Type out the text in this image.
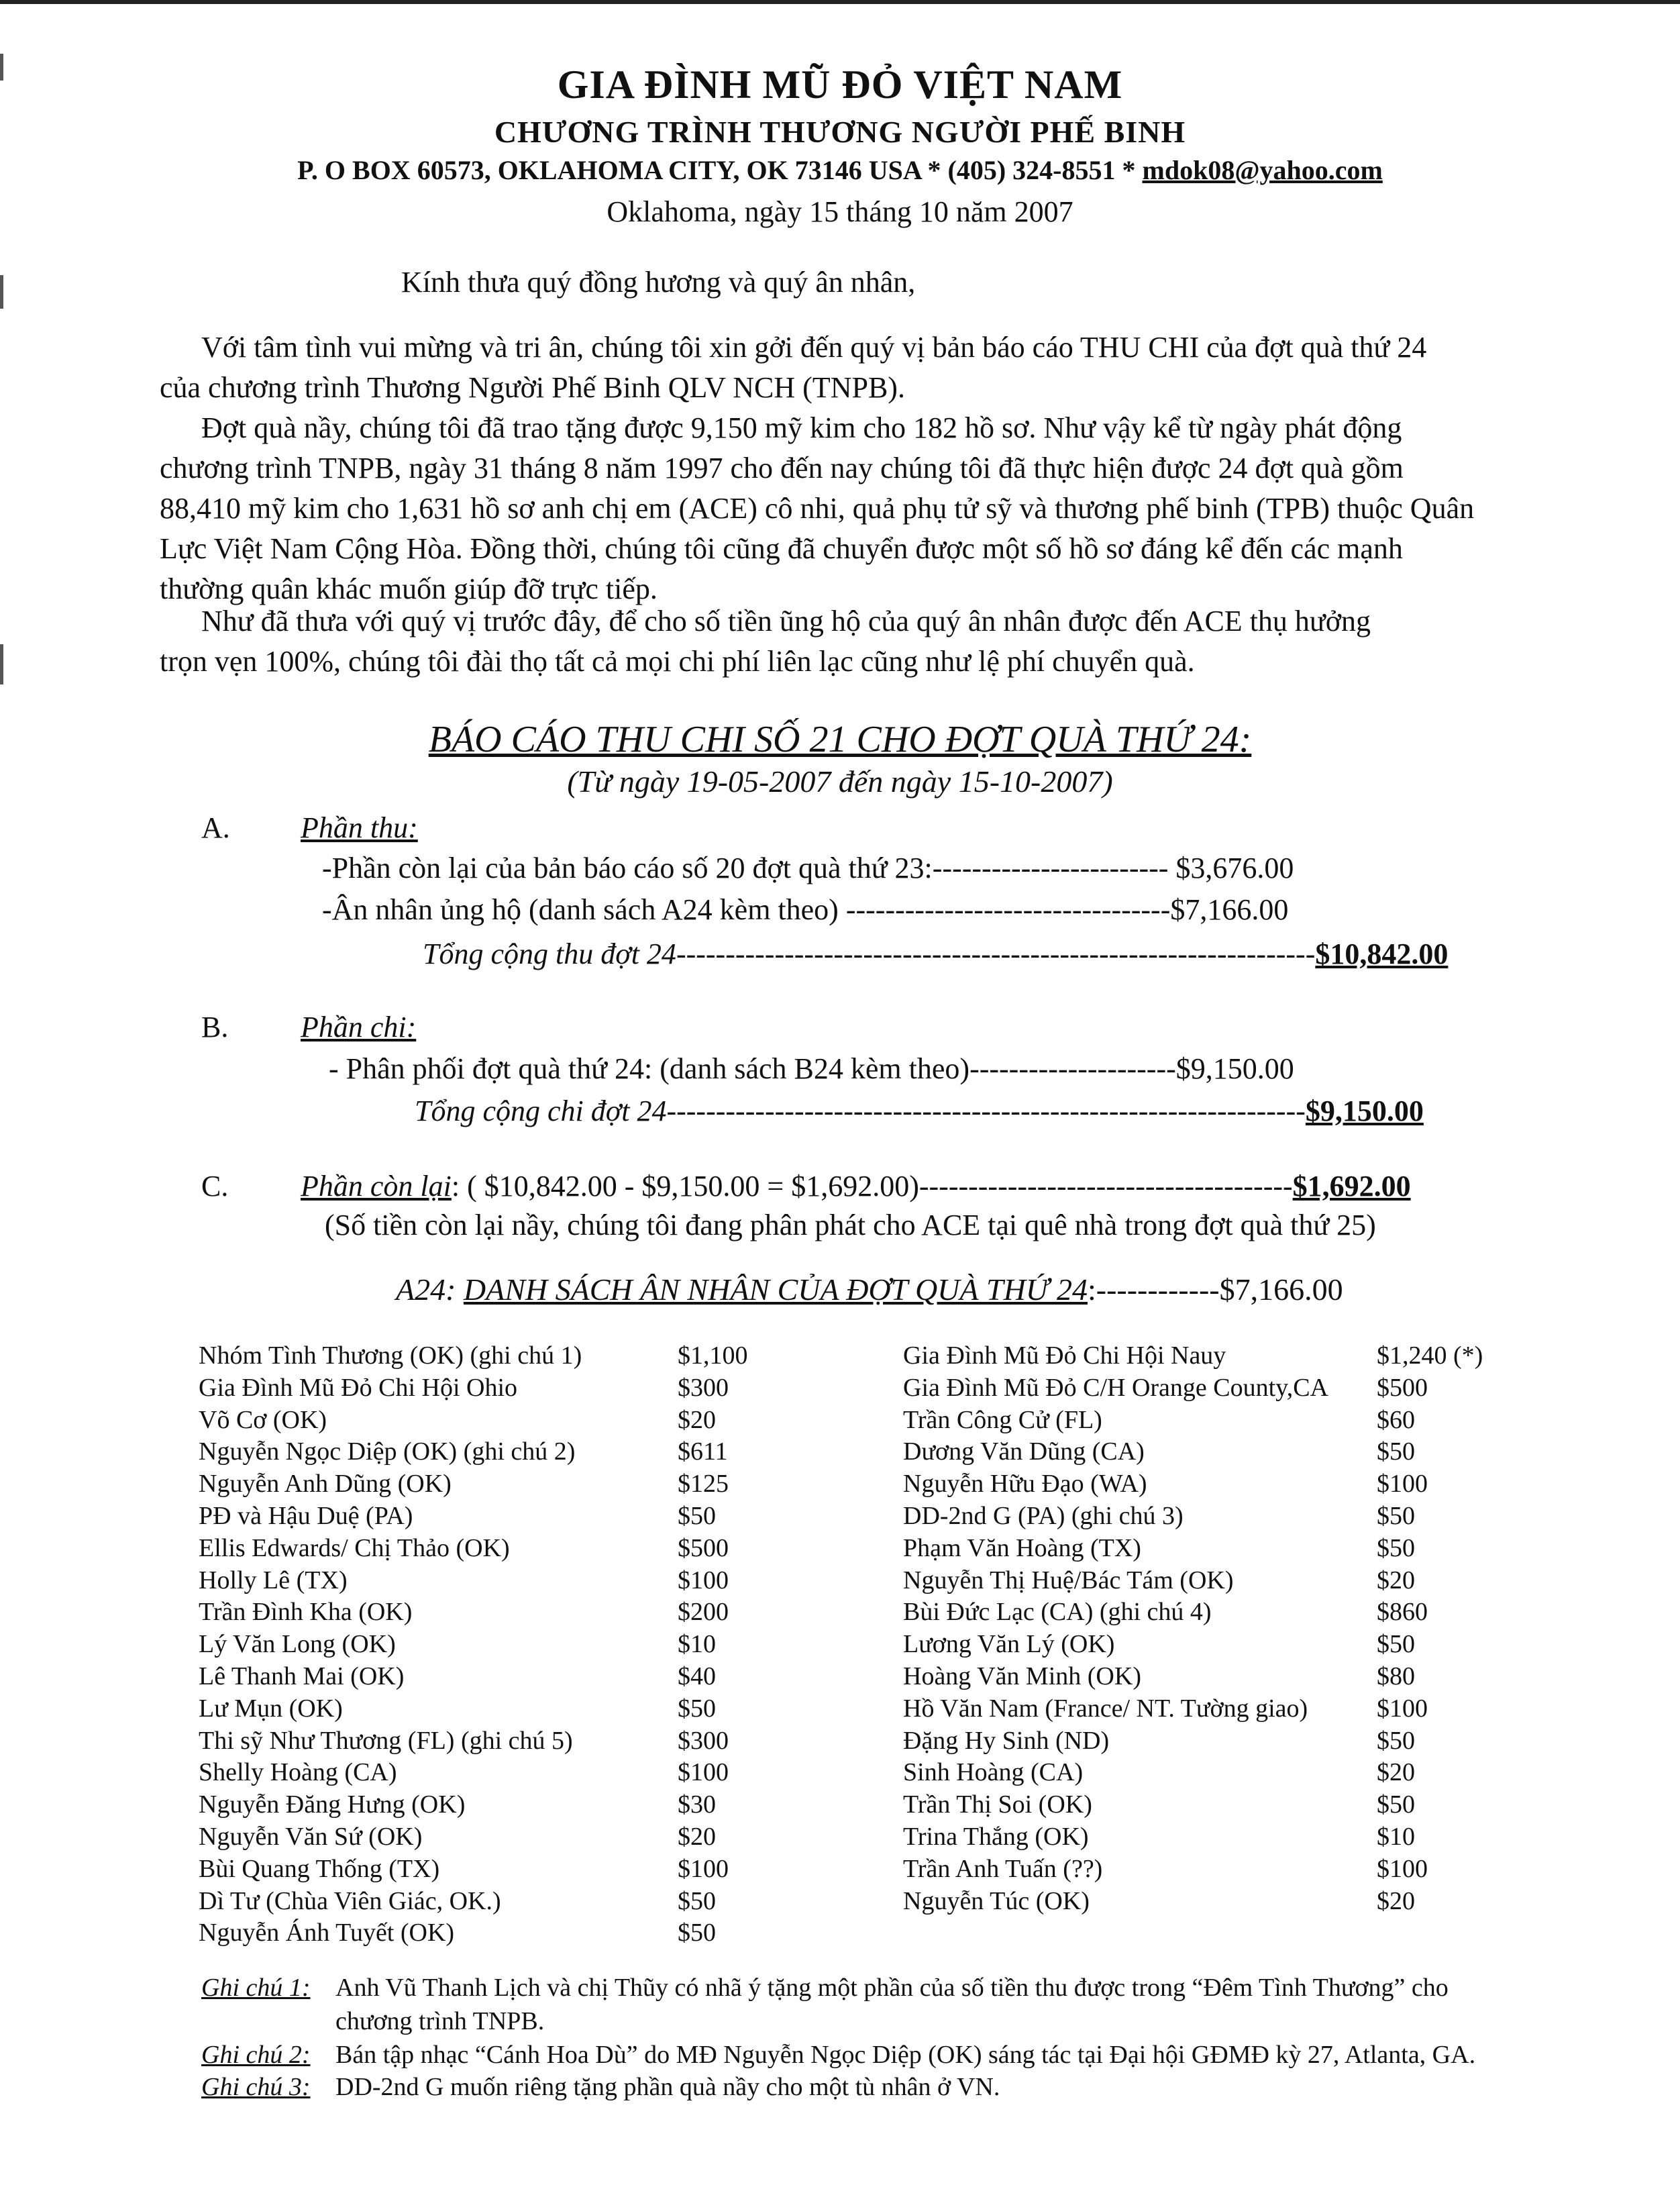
GIA ĐÌNH MŨ ĐỎ VIỆT NAM
CHƯƠNG TRÌNH THƯƠNG NGƯỜI PHẾ BINH
P. O BOX 60573, OKLAHOMA CITY, OK 73146 USA * (405) 324-8551 * mdok08@yahoo.com
Oklahoma, ngày 15 tháng 10 năm 2007
Kính thưa quý đồng hương và quý ân nhân,
Với tâm tình vui mừng và tri ân, chúng tôi xin gởi đến quý vị bản báo cáo THU CHI của đợt quà thứ 24
của chương trình Thương Người Phế Binh QLV NCH (TNPB).
Đợt quà nầy, chúng tôi đã trao tặng được 9,150 mỹ kim cho 182 hồ sơ. Như vậy kể từ ngày phát động
chương trình TNPB, ngày 31 tháng 8 năm 1997 cho đến nay chúng tôi đã thực hiện được 24 đợt quà gồm
88,410 mỹ kim cho 1,631 hồ sơ anh chị em (ACE) cô nhi, quả phụ tử sỹ và thương phế binh (TPB) thuộc Quân
Lực Việt Nam Cộng Hòa. Đồng thời, chúng tôi cũng đã chuyển được một số hồ sơ đáng kể đến các mạnh
thường quân khác muốn giúp đỡ trực tiếp.
Như đã thưa với quý vị trước đây, để cho số tiền ũng hộ của quý ân nhân được đến ACE thụ hưởng
trọn vẹn 100%, chúng tôi đài thọ tất cả mọi chi phí liên lạc cũng như lệ phí chuyển quà.
BÁO CÁO THU CHI SỐ 21 CHO ĐỢT QUÀ THỨ 24:
(Từ ngày 19-05-2007 đến ngày 15-10-2007)
A. Phần thu:
-Phần còn lại của bản báo cáo số 20 đợt quà thứ 23:------------------------ $3,676.00
-Ân nhân ủng hộ (danh sách A24 kèm theo) ---------------------------------$7,166.00
Tổng cộng thu đợt 24-----------------------------------------------------------------$10,842.00
B. Phần chi:
- Phân phối đợt quà thứ 24: (danh sách B24 kèm theo)---------------------$9,150.00
Tổng cộng chi đợt 24-----------------------------------------------------------------$9,150.00
C. Phần còn lại: ( $10,842.00 - $9,150.00 = $1,692.00)--------------------------------------$1,692.00
(Số tiền còn lại nầy, chúng tôi đang phân phát cho ACE tại quê nhà trong đợt quà thứ 25)
A24: DANH SÁCH ÂN NHÂN CỦA ĐỢT QUÀ THỨ 24:------------$7,166.00
Nhóm Tình Thương (OK) (ghi chú 1)	$1,100
Gia Đình Mũ Đỏ Chi Hội Ohio	$300
Võ Cơ (OK)	$20
Nguyễn Ngọc Diệp (OK) (ghi chú 2)	$611
Nguyễn Anh Dũng (OK)	$125
PĐ và Hậu Duệ (PA)	$50
Ellis Edwards/ Chị Thảo (OK)	$500
Holly Lê (TX)	$100
Trần Đình Kha (OK)	$200
Lý Văn Long (OK)	$10
Lê Thanh Mai (OK)	$40
Lư Mụn (OK)	$50
Thi sỹ Như Thương (FL) (ghi chú 5)	$300
Shelly Hoàng (CA)	$100
Nguyễn Đăng Hưng (OK)	$30
Nguyễn Văn Sứ (OK)	$20
Bùi Quang Thống (TX)	$100
Dì Tư (Chùa Viên Giác, OK.)	$50
Nguyễn Ánh Tuyết (OK)	$50
Gia Đình Mũ Đỏ Chi Hội Nauy	$1,240 (*)
Gia Đình Mũ Đỏ C/H Orange County,CA $500
Trần Công Cử (FL)	$60
Dương Văn Dũng (CA)	$50
Nguyễn Hữu Đạo (WA)	$100
DD-2nd G (PA) (ghi chú 3)	$50
Phạm Văn Hoàng (TX)	$50
Nguyễn Thị Huệ/Bác Tám (OK)	$20
Bùi Đức Lạc (CA) (ghi chú 4)	$860
Lương Văn Lý (OK)	$50
Hoàng Văn Minh (OK)	$80
Hồ Văn Nam (France/ NT. Tường giao)	$100
Đặng Hy Sinh (ND)	$50
Sinh Hoàng (CA)	$20
Trần Thị Soi (OK)	$50
Trina Thắng (OK)	$10
Trần Anh Tuấn (??)	$100
Nguyễn Túc (OK)	$20
Ghi chú 1: Anh Vũ Thanh Lịch và chị Thũy có nhã ý tặng một phần của số tiền thu được trong “Đêm Tình Thương” cho
chương trình TNPB.
Ghi chú 2: Bán tập nhạc “Cánh Hoa Dù” do MĐ Nguyễn Ngọc Diệp (OK) sáng tác tại Đại hội GĐMĐ kỳ 27, Atlanta, GA.
Ghi chú 3: DD-2nd G muốn riêng tặng phần quà nầy cho một tù nhân ở VN.
